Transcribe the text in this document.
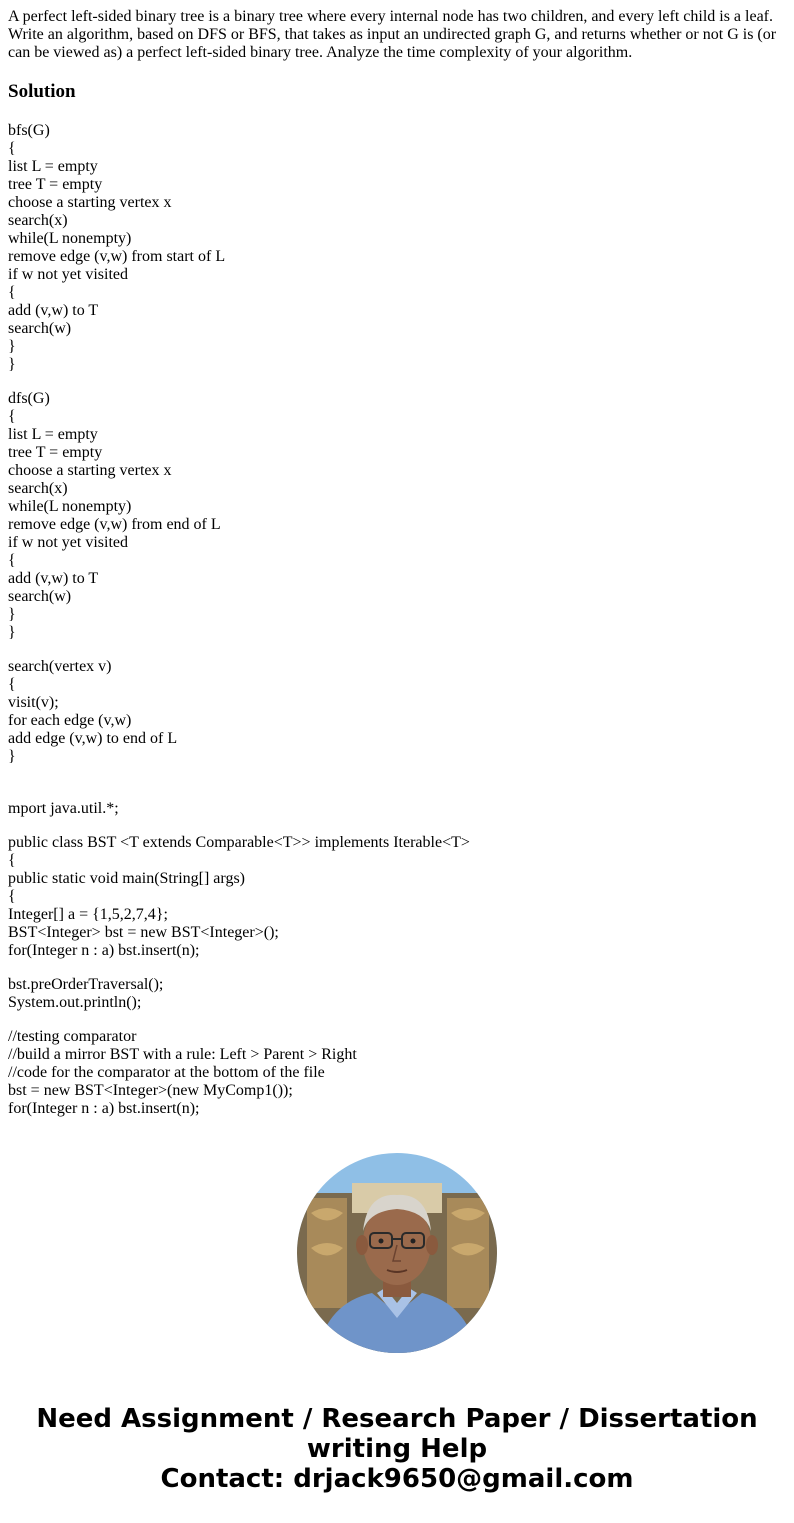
A perfect left-sided binary tree is a binary tree where every internal node has two children, and every left child is a leaf. Write an algorithm, based on DFS or BFS, that takes as input an undirected graph G, and returns whether or not G is (or can be viewed as) a perfect left-sided binary tree. Analyze the time complexity of your algorithm.

Solution
bfs(G)
{
list L = empty
tree T = empty
choose a starting vertex x
search(x)
while(L nonempty)
remove edge (v,w) from start of L
if w not yet visited
{
add (v,w) to T
search(w)
}
}
dfs(G)
{
list L = empty
tree T = empty
choose a starting vertex x
search(x)
while(L nonempty)
remove edge (v,w) from end of L
if w not yet visited
{
add (v,w) to T
search(w)
}
}
search(vertex v)
{
visit(v);
for each edge (v,w)
add edge (v,w) to end of L
}
mport java.util.*;
public class BST <T extends Comparable<T>> implements Iterable<T>
{
public static void main(String[] args)
{
Integer[] a = {1,5,2,7,4};
BST<Integer> bst = new BST<Integer>();
for(Integer n : a) bst.insert(n);
bst.preOrderTraversal();
System.out.println();
//testing comparator
//build a mirror BST with a rule: Left > Parent > Right
//code for the comparator at the bottom of the file
bst = new BST<Integer>(new MyComp1());
for(Integer n : a) bst.insert(n);
Need Assignment / Research Paper / Dissertation
writing Help
Contact: drjack9650@gmail.com
